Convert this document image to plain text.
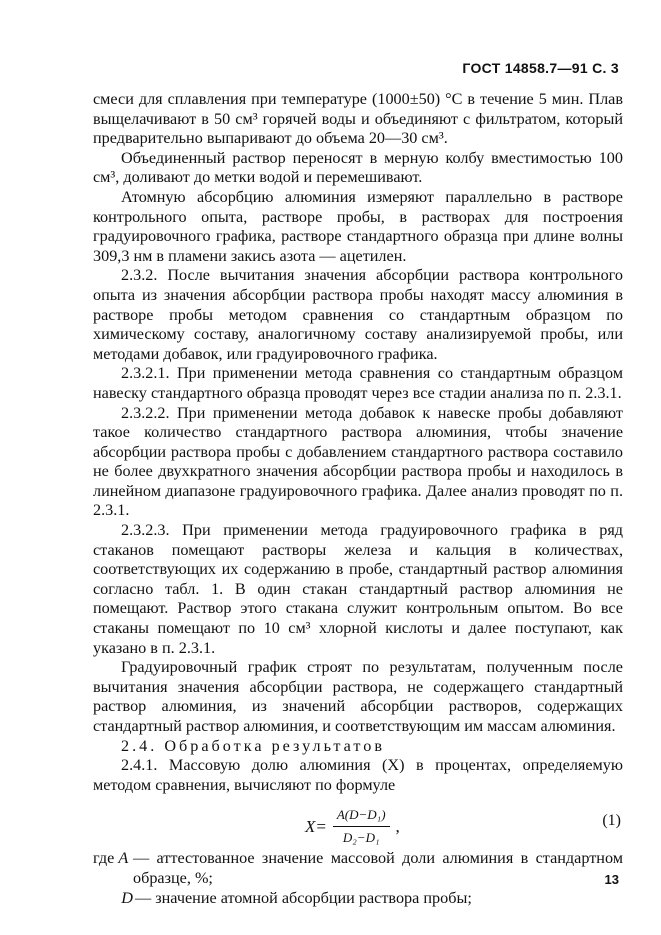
ГОСТ 14858.7—91 С. 3

смеси для сплавления при температуре (1000±50) °С в течение 5 мин. Плав выщелачивают в 50 см³ горячей воды и объединяют с фильтратом, который предварительно выпаривают до объема 20—30 см³.

Объединенный раствор переносят в мерную колбу вместимостью 100 см³, доливают до метки водой и перемешивают.

Атомную абсорбцию алюминия измеряют параллельно в растворе контрольного опыта, растворе пробы, в растворах для построения градуировочного графика, растворе стандартного образца при длине волны 309,3 нм в пламени закись азота — ацетилен.

2.3.2. После вычитания значения абсорбции раствора контрольного опыта из значения абсорбции раствора пробы находят массу алюминия в растворе пробы методом сравнения со стандартным образцом по химическому составу, аналогичному составу анализируемой пробы, или методами добавок, или градуировочного графика.

2.3.2.1. При применении метода сравнения со стандартным образцом навеску стандартного образца проводят через все стадии анализа по п. 2.3.1.

2.3.2.2. При применении метода добавок к навеске пробы добавляют такое количество стандартного раствора алюминия, чтобы значение абсорбции раствора пробы с добавлением стандартного раствора составило не более двухкратного значения абсорбции раствора пробы и находилось в линейном диапазоне градуировочного графика. Далее анализ проводят по п. 2.3.1.

2.3.2.3. При применении метода градуировочного графика в ряд стаканов помещают растворы железа и кальция в количествах, соответствующих их содержанию в пробе, стандартный раствор алюминия согласно табл. 1. В один стакан стандартный раствор алюминия не помещают. Раствор этого стакана служит контрольным опытом. Во все стаканы помещают по 10 см³ хлорной кислоты и далее поступают, как указано в п. 2.3.1.

Градуировочный график строят по результатам, полученным после вычитания значения абсорбции раствора, не содержащего стандартный раствор алюминия, из значений абсорбции растворов, содержащих стандартный раствор алюминия, и соответствующим им массам алюминия.

2.4. Обработка результатов

2.4.1. Массовую долю алюминия (X) в процентах, определяемую методом сравнения, вычисляют по формуле

$X= \frac{\text{A(D−D₁)}}{\text{D₂−D₁}}$ ,	(1)
где A — аттестованное значение массовой доли алюминия в стандартном образце, %;
D — значение атомной абсорбции раствора пробы;
13
